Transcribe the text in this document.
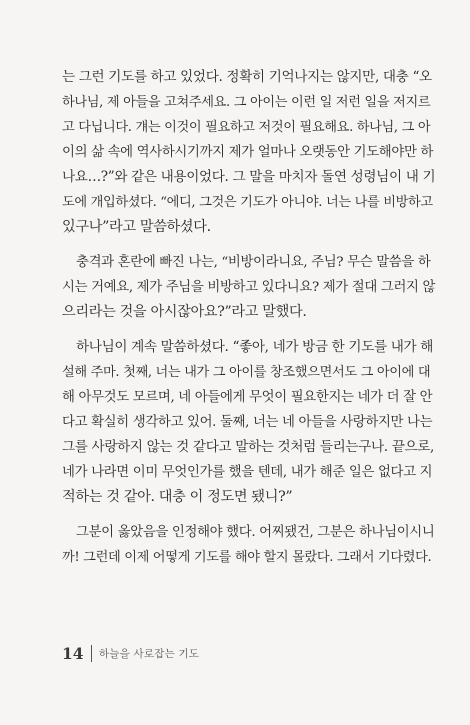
는 그런 기도를 하고 있었다. 정확히 기억나지는 않지만, 대충 “오
하나님, 제 아들을 고쳐주세요. 그 아이는 이런 일 저런 일을 저지르
고 다닙니다. 걔는 이것이 필요하고 저것이 필요해요. 하나님, 그 아
이의 삶 속에 역사하시기까지 제가 얼마나 오랫동안 기도해야만 하
나요…?”와 같은 내용이었다. 그 말을 마치자 돌연 성령님이 내 기
도에 개입하셨다. “에디, 그것은 기도가 아니야. 너는 나를 비방하고
있구나”라고 말씀하셨다.

충격과 혼란에 빠진 나는, “비방이라니요, 주님? 무슨 말씀을 하
시는 거예요, 제가 주님을 비방하고 있다니요? 제가 절대 그러지 않
으리라는 것을 아시잖아요?”라고 말했다.

하나님이 계속 말씀하셨다. “좋아, 네가 방금 한 기도를 내가 해
설해 주마. 첫째, 너는 내가 그 아이를 창조했으면서도 그 아이에 대
해 아무것도 모르며, 네 아들에게 무엇이 필요한지는 네가 더 잘 안
다고 확실히 생각하고 있어. 둘째, 너는 네 아들을 사랑하지만 나는
그를 사랑하지 않는 것 같다고 말하는 것처럼 들리는구나. 끝으로,
네가 나라면 이미 무엇인가를 했을 텐데, 내가 해준 일은 없다고 지
적하는 것 같아. 대충 이 정도면 됐니?”

그분이 옳았음을 인정해야 했다. 어찌됐건, 그분은 하나님이시니
까! 그런데 이제 어떻게 기도를 해야 할지 몰랐다. 그래서 기다렸다.

14 하늘을 사로잡는 기도
